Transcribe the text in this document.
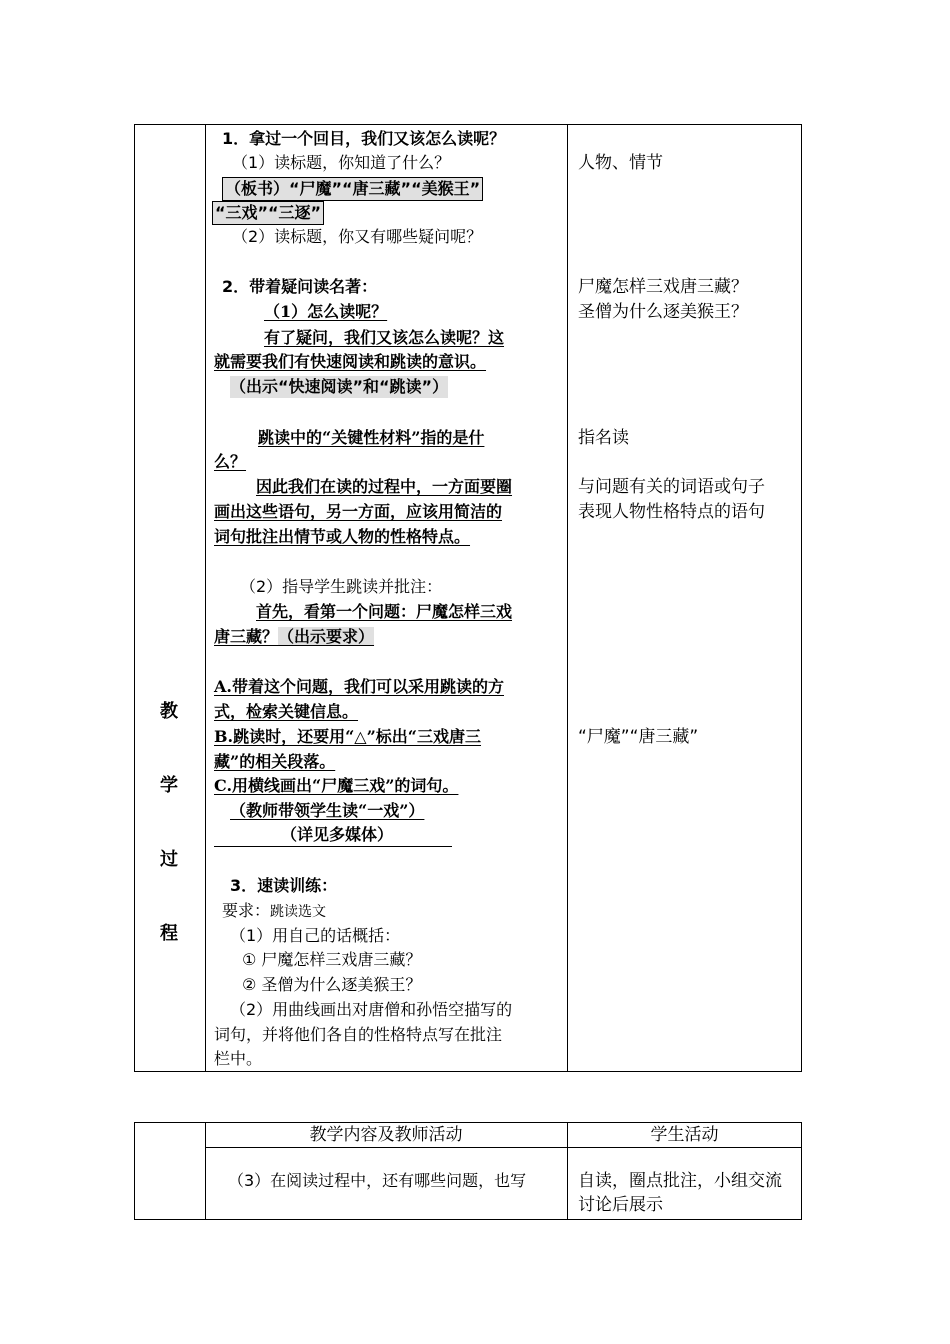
教
学
过
程
1．拿过一个回目，我们又该怎么读呢？
（1）读标题，你知道了什么？
（板书）“尸魔”“唐三藏”“美猴王”
“三戏”“三逐”
（2）读标题，你又有哪些疑问呢？
2．带着疑问读名著：
（1）怎么读呢？
有了疑问，我们又该怎么读呢？这
就需要我们有快速阅读和跳读的意识。
（出示“快速阅读”和“跳读”）
跳读中的“关键性材料”指的是什
么？
因此我们在读的过程中，一方面要圈
画出这些语句，另一方面，应该用简洁的
词句批注出情节或人物的性格特点。
（2）指导学生跳读并批注：
首先，看第一个问题：尸魔怎样三戏
唐三藏？（出示要求）
A.带着这个问题，我们可以采用跳读的方
式，检索关键信息。
B.跳读时，还要用“△”标出“三戏唐三
藏”的相关段落。
C.用横线画出“尸魔三戏”的词句。
（教师带领学生读“一戏”）
（详见多媒体）
3．速读训练：
要求：跳读选文
（1）用自己的话概括：
① 尸魔怎样三戏唐三藏？
② 圣僧为什么逐美猴王？
（2）用曲线画出对唐僧和孙悟空描写的
词句，并将他们各自的性格特点写在批注
栏中。
人物、情节
尸魔怎样三戏唐三藏？
圣僧为什么逐美猴王？
指名读
与问题有关的词语或句子
表现人物性格特点的语句
“尸魔”“唐三藏”
教学内容及教师活动	学生活动
（3）在阅读过程中，还有哪些问题，也写	自读，圈点批注，小组交流
讨论后展示
